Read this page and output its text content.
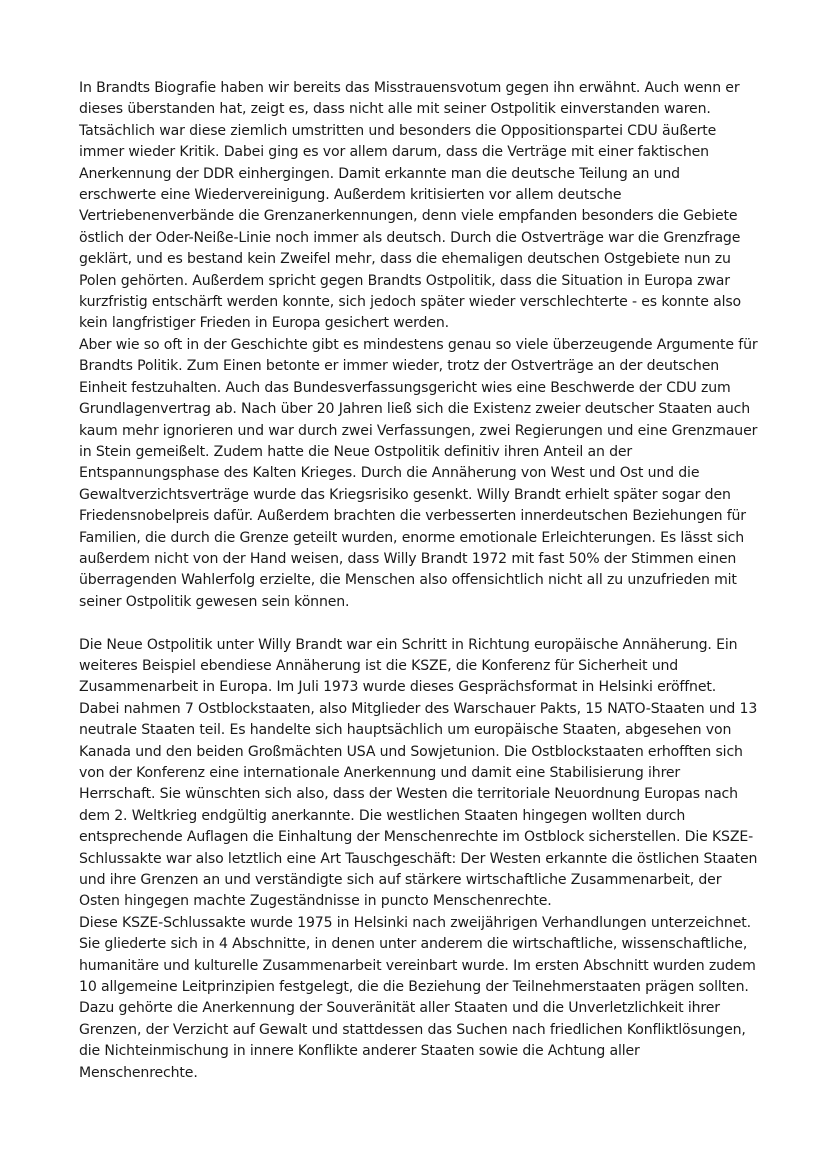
In Brandts Biografie haben wir bereits das Misstrauensvotum gegen ihn erwähnt. Auch wenn er dieses überstanden hat, zeigt es, dass nicht alle mit seiner Ostpolitik einverstanden waren. Tatsächlich war diese ziemlich umstritten und besonders die Oppositionspartei CDU äußerte immer wieder Kritik. Dabei ging es vor allem darum, dass die Verträge mit einer faktischen Anerkennung der DDR einhergingen. Damit erkannte man die deutsche Teilung an und erschwerte eine Wiedervereinigung. Außerdem kritisierten vor allem deutsche Vertriebenenverbände die Grenzanerkennungen, denn viele empfanden besonders die Gebiete östlich der Oder-Neiße-Linie noch immer als deutsch. Durch die Ostverträge war die Grenzfrage geklärt, und es bestand kein Zweifel mehr, dass die ehemaligen deutschen Ostgebiete nun zu Polen gehörten. Außerdem spricht gegen Brandts Ostpolitik, dass die Situation in Europa zwar kurzfristig entschärft werden konnte, sich jedoch später wieder verschlechterte - es konnte also kein langfristiger Frieden in Europa gesichert werden.

Aber wie so oft in der Geschichte gibt es mindestens genau so viele überzeugende Argumente für Brandts Politik. Zum Einen betonte er immer wieder, trotz der Ostverträge an der deutschen Einheit festzuhalten. Auch das Bundesverfassungsgericht wies eine Beschwerde der CDU zum Grundlagenvertrag ab. Nach über 20 Jahren ließ sich die Existenz zweier deutscher Staaten auch kaum mehr ignorieren und war durch zwei Verfassungen, zwei Regierungen und eine Grenzmauer in Stein gemeißelt. Zudem hatte die Neue Ostpolitik definitiv ihren Anteil an der Entspannungsphase des Kalten Krieges. Durch die Annäherung von West und Ost und die Gewaltverzichtsverträge wurde das Kriegsrisiko gesenkt. Willy Brandt erhielt später sogar den Friedensnobelpreis dafür. Außerdem brachten die verbesserten innerdeutschen Beziehungen für Familien, die durch die Grenze geteilt wurden, enorme emotionale Erleichterungen. Es lässt sich außerdem nicht von der Hand weisen, dass Willy Brandt 1972 mit fast 50% der Stimmen einen überragenden Wahlerfolg erzielte, die Menschen also offensichtlich nicht all zu unzufrieden mit seiner Ostpolitik gewesen sein können.

Die Neue Ostpolitik unter Willy Brandt war ein Schritt in Richtung europäische Annäherung. Ein weiteres Beispiel ebendiese Annäherung ist die KSZE, die Konferenz für Sicherheit und Zusammenarbeit in Europa. Im Juli 1973 wurde dieses Gesprächsformat in Helsinki eröffnet. Dabei nahmen 7 Ostblockstaaten, also Mitglieder des Warschauer Pakts, 15 NATO-Staaten und 13 neutrale Staaten teil. Es handelte sich hauptsächlich um europäische Staaten, abgesehen von Kanada und den beiden Großmächten USA und Sowjetunion. Die Ostblockstaaten erhofften sich von der Konferenz eine internationale Anerkennung und damit eine Stabilisierung ihrer Herrschaft. Sie wünschten sich also, dass der Westen die territoriale Neuordnung Europas nach dem 2. Weltkrieg endgültig anerkannte. Die westlichen Staaten hingegen wollten durch entsprechende Auflagen die Einhaltung der Menschenrechte im Ostblock sicherstellen. Die KSZE-Schlussakte war also letztlich eine Art Tauschgeschäft: Der Westen erkannte die östlichen Staaten und ihre Grenzen an und verständigte sich auf stärkere wirtschaftliche Zusammenarbeit, der Osten hingegen machte Zugeständnisse in puncto Menschenrechte.

Diese KSZE-Schlussakte wurde 1975 in Helsinki nach zweijährigen Verhandlungen unterzeichnet. Sie gliederte sich in 4 Abschnitte, in denen unter anderem die wirtschaftliche, wissenschaftliche, humanitäre und kulturelle Zusammenarbeit vereinbart wurde. Im ersten Abschnitt wurden zudem 10 allgemeine Leitprinzipien festgelegt, die die Beziehung der Teilnehmerstaaten prägen sollten. Dazu gehörte die Anerkennung der Souveränität aller Staaten und die Unverletzlichkeit ihrer Grenzen, der Verzicht auf Gewalt und stattdessen das Suchen nach friedlichen Konfliktlösungen, die Nichteinmischung in innere Konflikte anderer Staaten sowie die Achtung aller Menschenrechte.
